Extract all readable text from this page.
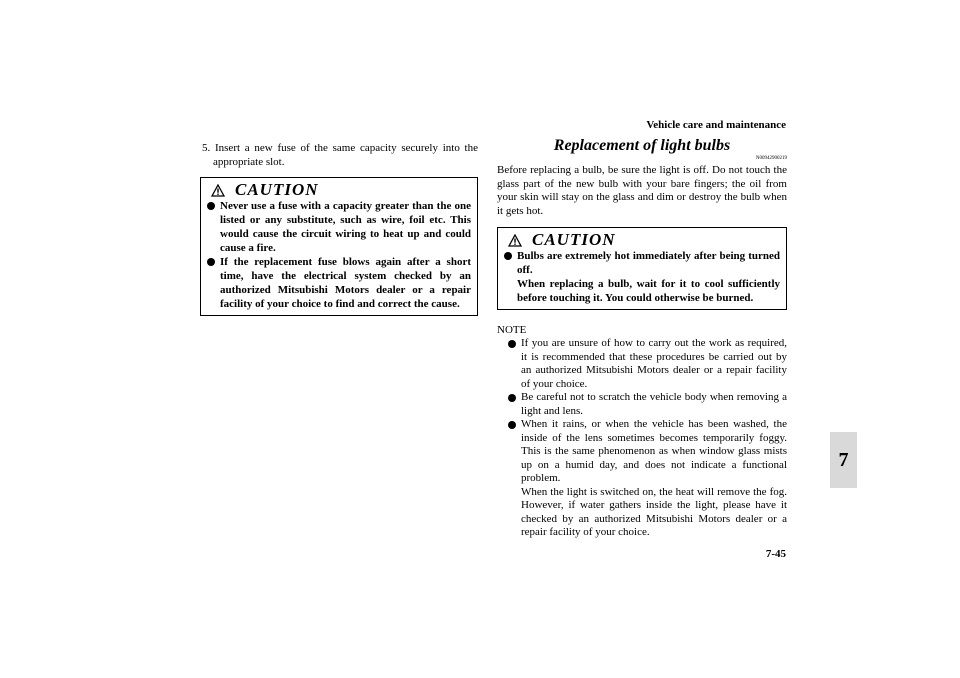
Vehicle care and maintenance
7
5. Insert a new fuse of the same capacity securely into the appropriate slot.
CAUTION
Never use a fuse with a capacity greater than the one listed or any substitute, such as wire, foil etc. This would cause the circuit wiring to heat up and could cause a fire.
If the replacement fuse blows again after a short time, have the electrical system checked by an authorized Mitsubishi Motors dealer or a repair facility of your choice to find and correct the cause.
Replacement of light bulbs
N00942900219
Before replacing a bulb, be sure the light is off. Do not touch the glass part of the new bulb with your bare fingers; the oil from your skin will stay on the glass and dim or destroy the bulb when it gets hot.
CAUTION

Bulbs are extremely hot immediately after being turned off.

When replacing a bulb, wait for it to cool sufficiently before touching it. You could otherwise be burned.

NOTE
If you are unsure of how to carry out the work as required, it is recommended that these procedures be carried out by an authorized Mitsubishi Motors dealer or a repair facility of your choice.
Be careful not to scratch the vehicle body when removing a light and lens.

When it rains, or when the vehicle has been washed, the inside of the lens sometimes becomes temporarily foggy. This is the same phenomenon as when window glass mists up on a humid day, and does not indicate a functional problem.

When the light is switched on, the heat will remove the fog. However, if water gathers inside the light, please have it checked by an authorized Mitsubishi Motors dealer or a repair facility of your choice.

7-45
